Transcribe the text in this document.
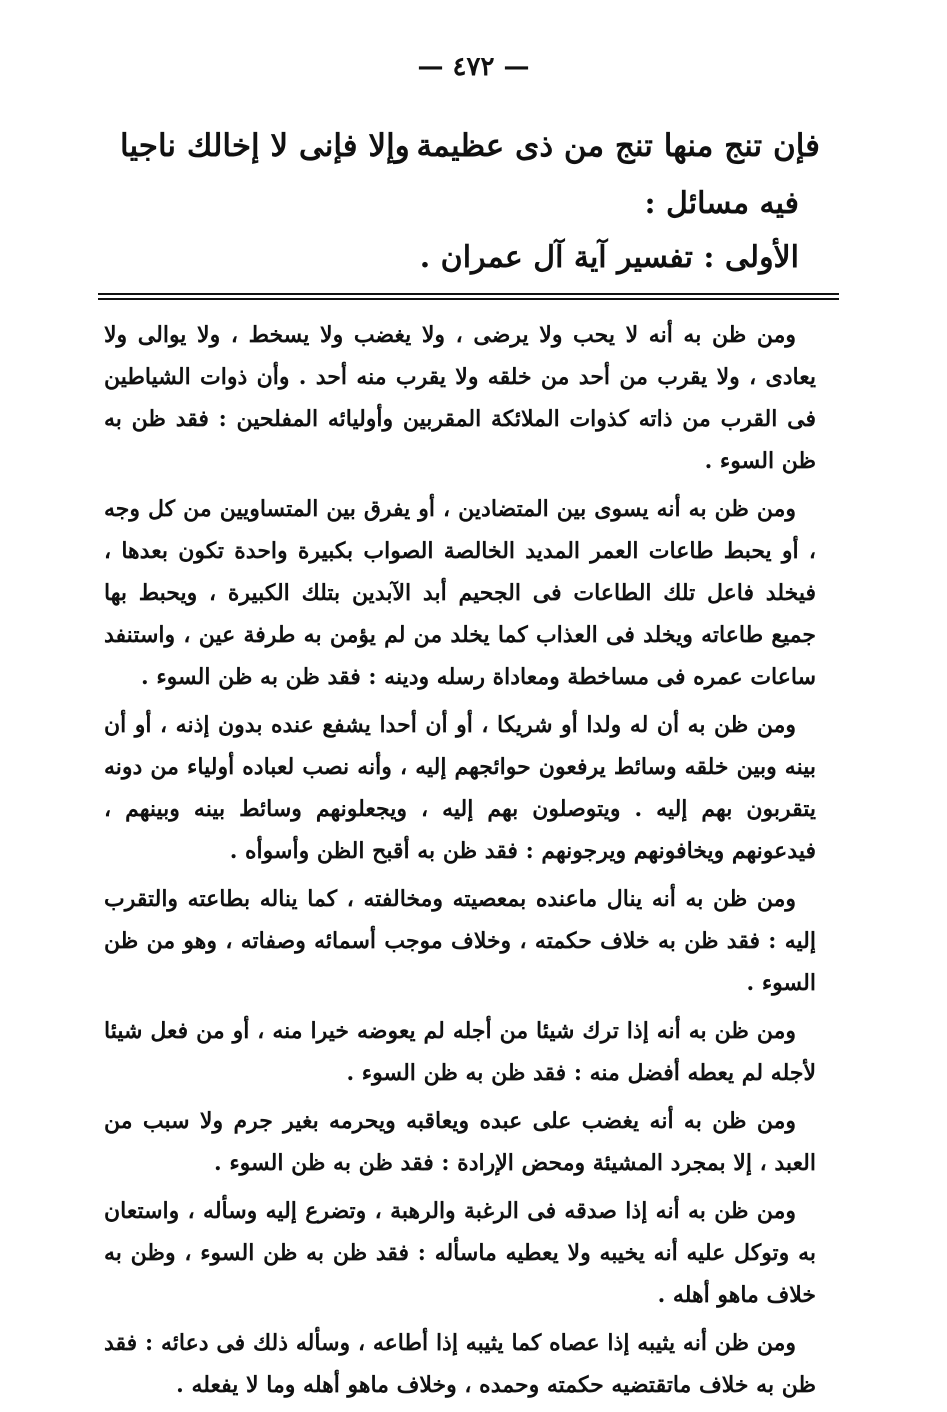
— ٤٧٢ —
فإن تنج منها تنج من ذى عظيمة
وإلا فإنى لا إخالك ناجيا
فيه مسائل :
الأولى : تفسير آية آل عمران .

ومن ظن به أنه لا يحب ولا يرضى ، ولا يغضب ولا يسخط ، ولا يوالى ولا يعادى ، ولا يقرب من أحد من خلقه ولا يقرب منه أحد . وأن ذوات الشياطين فى القرب من ذاته كذوات الملائكة المقربين وأوليائه المفلحين : فقد ظن به ظن السوء .

ومن ظن به أنه يسوى بين المتضادين ، أو يفرق بين المتساويين من كل وجه ، أو يحبط طاعات العمر المديد الخالصة الصواب بكبيرة واحدة تكون بعدها ، فيخلد فاعل تلك الطاعات فى الجحيم أبد الآبدين بتلك الكبيرة ، ويحبط بها جميع طاعاته ويخلد فى العذاب كما يخلد من لم يؤمن به طرفة عين ، واستنفد ساعات عمره فى مساخطة ومعاداة رسله ودينه : فقد ظن به ظن السوء .

ومن ظن به أن له ولدا أو شريكا ، أو أن أحدا يشفع عنده بدون إذنه ، أو أن بينه وبين خلقه وسائط يرفعون حوائجهم إليه ، وأنه نصب لعباده أولياء من دونه يتقربون بهم إليه . ويتوصلون بهم إليه ، ويجعلونهم وسائط بينه وبينهم ، فيدعونهم ويخافونهم ويرجونهم : فقد ظن به أقبح الظن وأسوأه .

ومن ظن به أنه ينال ماعنده بمعصيته ومخالفته ، كما يناله بطاعته والتقرب إليه : فقد ظن به خلاف حكمته ، وخلاف موجب أسمائه وصفاته ، وهو من ظن السوء .

ومن ظن به أنه إذا ترك شيئا من أجله لم يعوضه خيرا منه ، أو من فعل شيئا لأجله لم يعطه أفضل منه : فقد ظن به ظن السوء .

ومن ظن به أنه يغضب على عبده ويعاقبه ويحرمه بغير جرم ولا سبب من العبد ، إلا بمجرد المشيئة ومحض الإرادة : فقد ظن به ظن السوء .

ومن ظن به أنه إذا صدقه فى الرغبة والرهبة ، وتضرع إليه وسأله ، واستعان به وتوكل عليه أنه يخيبه ولا يعطيه ماسأله : فقد ظن به ظن السوء ، وظن به خلاف ماهو أهله .

ومن ظن أنه يثيبه إذا عصاه كما يثيبه إذا أطاعه ، وسأله ذلك فى دعائه : فقد ظن به خلاف ماتقتضيه حكمته وحمده ، وخلاف ماهو أهله وما لا يفعله .
